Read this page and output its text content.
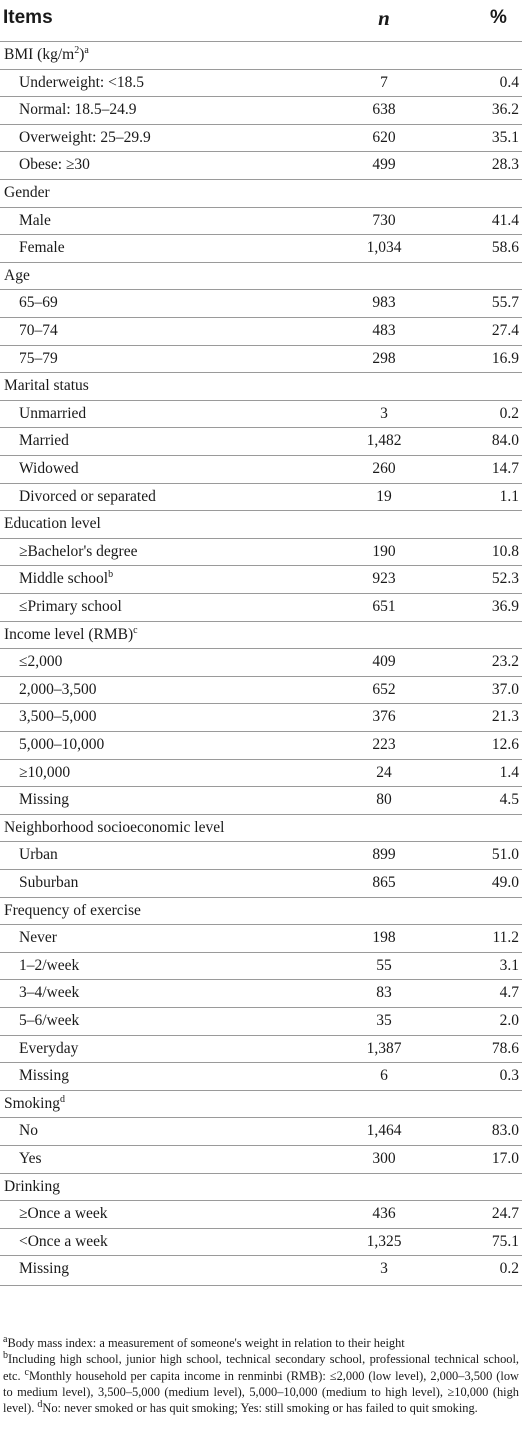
Items	n	%
BMI $(kg/m^2)^a$
Underweight: <18.5	7	0.4
Normal: 18.5–24.9	638	36.2
Overweight: 25–29.9	620	35.1
Obese: ≥30	499	28.3
Gender
Male	730	41.4
Female	1,034	58.6
Age
65–69	983	55.7
70–74	483	27.4
75–79	298	16.9
Marital status
Unmarried	3	0.2
Married	1,482	84.0
Widowed	260	14.7
Divorced or separated	19	1.1
Education level
≥Bachelor's degree	190	10.8
Middle school$^b$	923	52.3
≤Primary school	651	36.9
Income level (RMB)$^c$
≤2,000	409	23.2
2,000–3,500	652	37.0
3,500–5,000	376	21.3
5,000–10,000	223	12.6
≥10,000	24	1.4
Missing	80	4.5
Neighborhood socioeconomic level
Urban	899	51.0
Suburban	865	49.0
Frequency of exercise
Never	198	11.2
1–2/week	55	3.1
3–4/week	83	4.7
5–6/week	35	2.0
Everyday	1,387	78.6
Missing	6	0.3
Smoking$^d$
No	1,464	83.0
Yes	300	17.0
Drinking
≥Once a week	436	24.7
<Once a week	1,325	75.1
Missing	3	0.2

$^a$Body mass index: a measurement of someone's weight in relation to their height

$^b$Including high school, junior high school, technical secondary school, professional technical school, etc. $^c$Monthly household per capita income in renminbi (RMB): ≤2,000 (low level), 2,000–3,500 (low to medium level), 3,500–5,000 (medium level), 5,000–10,000 (medium to high level), ≥10,000 (high level). $^d$No: never smoked or has quit smoking; Yes: still smoking or has failed to quit smoking.
